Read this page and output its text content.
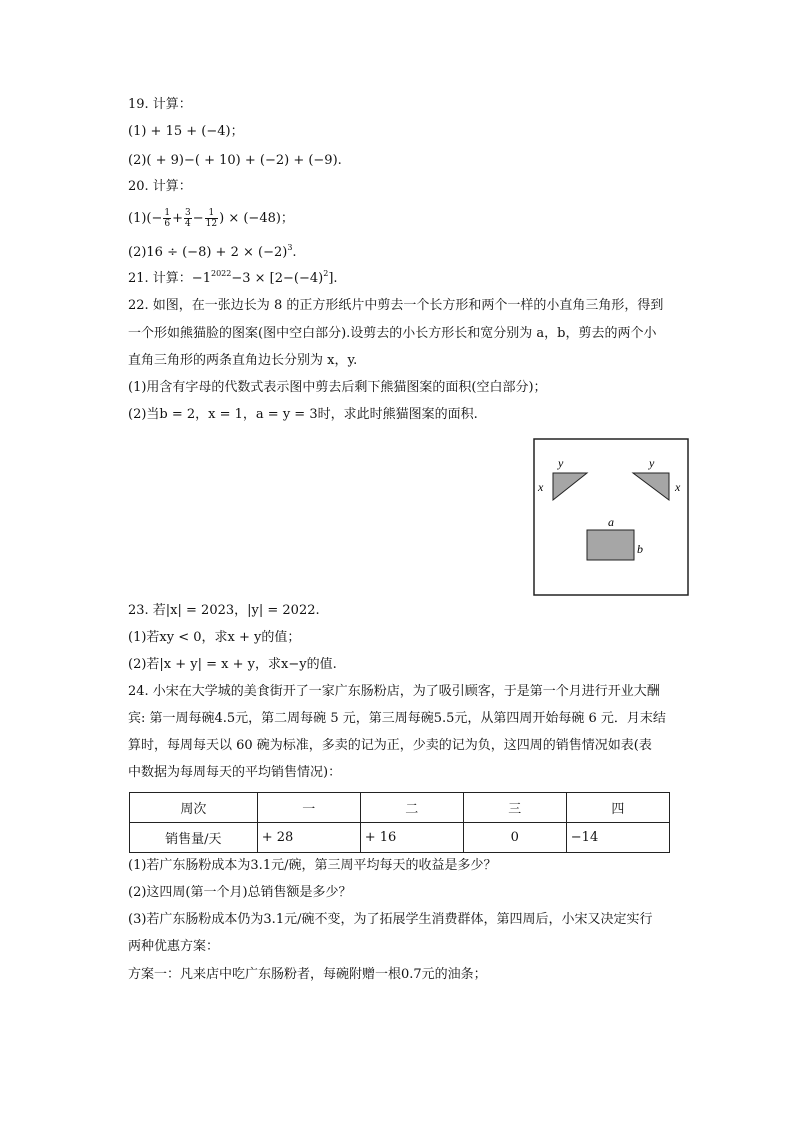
19. 计算：
(1) + 15 + (−4)；
(2)( + 9)−( + 10) + (−2) + (−9).
20. 计算：
$(1)(- \frac{1}{6} + \frac{3}{4} - \frac{1}{12}$ ) × (−48)；
$(2)16 \div (-8) + 2 \times (-2)^3$.
21. 计算：$-1^{2022}-3 \times [2-(-4)^2]$.
22. 如图，在一张边长为 8 的正方形纸片中剪去一个长方形和两个一样的小直角三角形，得到
一个形如熊猫脸的图案(图中空白部分).设剪去的小长方形长和宽分别为 a，b，剪去的两个小
直角三角形的两条直角边长分别为 x，y.
(1)用含有字母的代数式表示图中剪去后剩下熊猫图案的面积(空白部分)；
(2)当b = 2，x = 1，a = y = 3时，求此时熊猫图案的面积.
y
x
y
x
a
b
23. 若|x| = 2023，|y| = 2022.
(1)若xy < 0，求x + y的值；
(2)若|x + y| = x + y，求x−y的值.
24. 小宋在大学城的美食街开了一家广东肠粉店，为了吸引顾客，于是第一个月进行开业大酬
宾: 第一周每碗4.5元，第二周每碗 5 元，第三周每碗5.5元，从第四周开始每碗 6 元．月末结
算时，每周每天以 60 碗为标准，多卖的记为正，少卖的记为负，这四周的销售情况如表(表
中数据为每周每天的平均销售情况)：
周次	一	二	三	四
销售量/天	+ 28	+ 16	0	−14
(1)若广东肠粉成本为3.1元/碗，第三周平均每天的收益是多少？
(2)这四周(第一个月)总销售额是多少？
(3)若广东肠粉成本仍为3.1元/碗不变，为了拓展学生消费群体，第四周后，小宋又决定实行
两种优惠方案：
方案一：凡来店中吃广东肠粉者，每碗附赠一根0.7元的油条；
